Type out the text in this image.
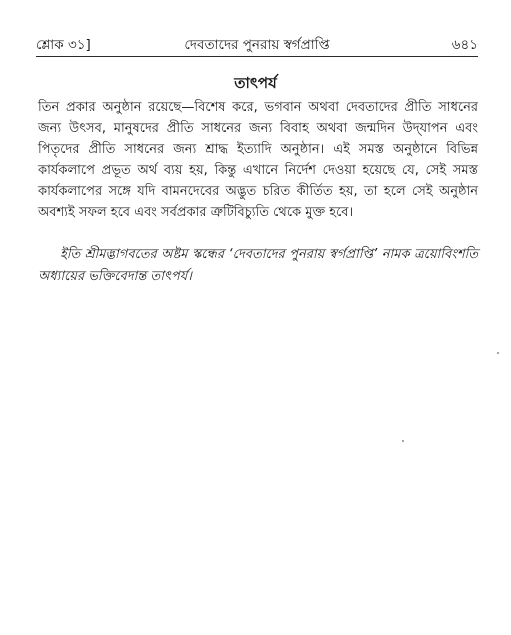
শ্লোক ৩১]	দেবতাদের পুনরায় স্বর্গপ্রাপ্তি	৬৪১
তাৎপর্য

তিন প্রকার অনুষ্ঠান রয়েছে—বিশেষ করে, ভগবান অথবা দেবতাদের প্রীতি সাধনের জন্য উৎসব, মানুষদের প্রীতি সাধনের জন্য বিবাহ অথবা জন্মদিন উদ্‌যাপন এবং পিতৃদের প্রীতি সাধনের জন্য শ্রাদ্ধ ইত্যাদি অনুষ্ঠান। এই সমস্ত অনুষ্ঠানে বিভিন্ন কার্যকলাপে প্রভূত অর্থ ব্যয় হয়, কিন্তু এখানে নির্দেশ দেওয়া হয়েছে যে, সেই সমস্ত কার্যকলাপের সঙ্গে যদি বামনদেবের অদ্ভুত চরিত কীর্তিত হয়, তা হলে সেই অনুষ্ঠান অবশ্যই সফল হবে এবং সর্বপ্রকার ত্রুটিবিচ্যুতি থেকে মুক্ত হবে।

ইতি শ্রীমদ্ভাগবতের অষ্টম স্কন্ধের ‘দেবতাদের পুনরায় স্বর্গপ্রাপ্তি’ নামক ত্রয়োবিংশতি অধ্যায়ের ভক্তিবেদান্ত তাৎপর্য।
